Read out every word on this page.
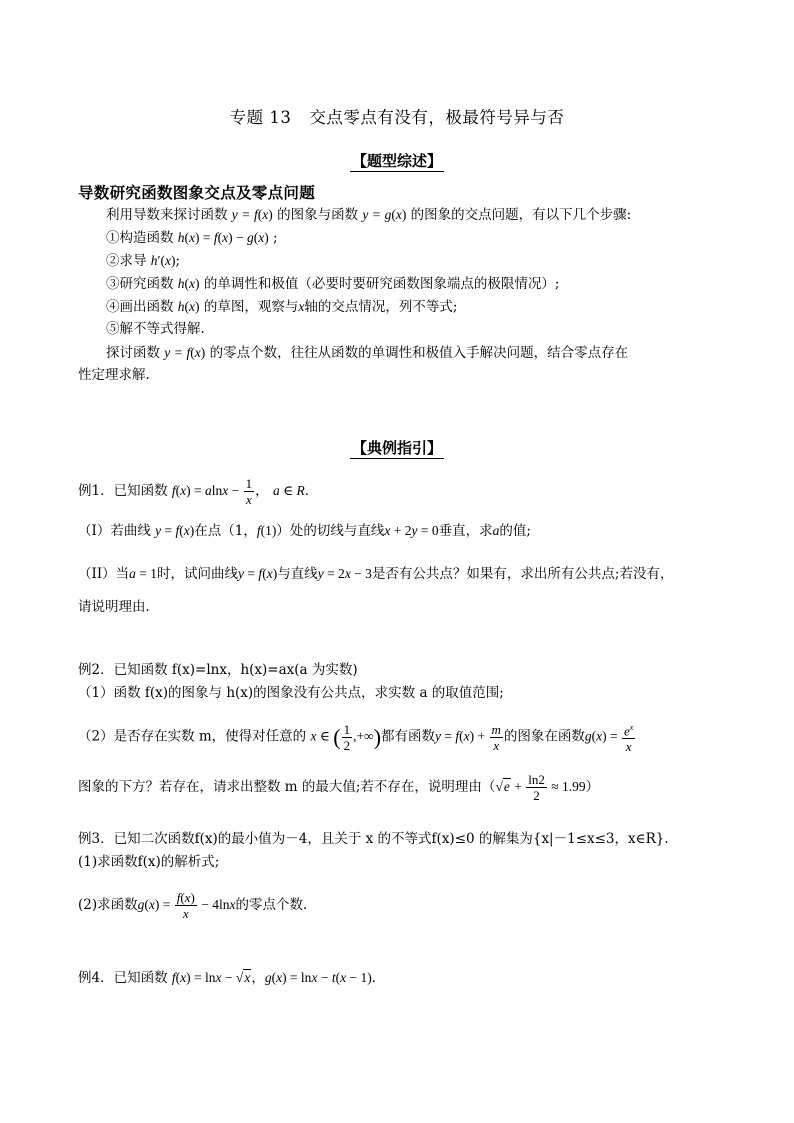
专题 13 交点零点有没有，极最符号异与否
【题型综述】
导数研究函数图象交点及零点问题
利用导数来探讨函数 y = f(x) 的图象与函数 y = g(x) 的图象的交点问题，有以下几个步骤:
①构造函数 h(x) = f(x) − g(x) ;
②求导 h′(x);
③研究函数 h(x) 的单调性和极值（必要时要研究函数图象端点的极限情况）;
④画出函数 h(x) 的草图，观察与x轴的交点情况，列不等式;
⑤解不等式得解.
探讨函数 y = f(x) 的零点个数，往往从函数的单调性和极值入手解决问题，结合零点存在
性定理求解.
【典例指引】
例1．已知函数 $f(x) = alnx - \frac{1}{x}$ ， a ∈ R．
（I）若曲线 y = f(x)在点（1，f(1)）处的切线与直线x + 2y = 0垂直，求a的值;
（II）当a = 1时，试问曲线y = f(x)与直线y = 2x − 3是否有公共点？如果有，求出所有公共点;若没有，
请说明理由．
例2．已知函数 f(x)=lnx，h(x)=ax(a 为实数)
（1）函数 f(x)的图象与 h(x)的图象没有公共点，求实数 a 的取值范围;
（2）是否存在实数 m，使得对任意的 x ∈ ( $\frac{1}{2}$ ,+∞)都有函数$y = f(x) + \frac{m}{x}$ 的图象在函数$g(x) = \frac{e^x}{x}$
图象的下方？若存在，请求出整数 m 的最大值;若不存在，说明理由$(√e + \frac{\ln 2}{2} \approx 1.99)$
例3．已知二次函数f(x)的最小值为－4，且关于 x 的不等式f(x)≤0 的解集为{x|－1≤x≤3，x∈R}．
(1)求函数f(x)的解析式;
(2)求函数$g(x) = \frac{f(x)}{x} - 4\ln x$的零点个数．
例4．已知函数 f(x) = lnx − √x，g(x) = lnx − t(x − 1)．
